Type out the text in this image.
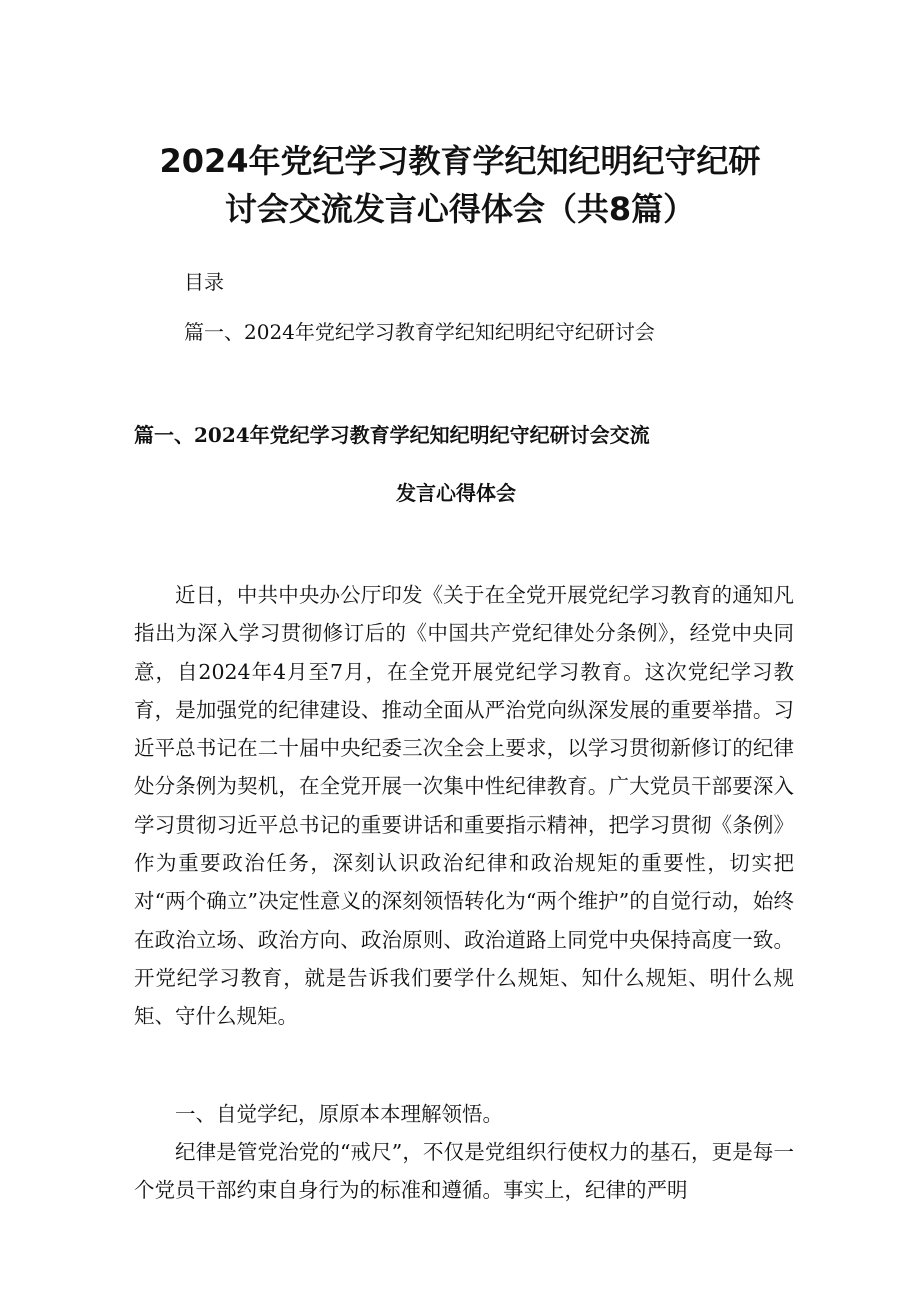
2024年党纪学习教育学纪知纪明纪守纪研
讨会交流发言心得体会（共8篇）
目录
篇一、2024年党纪学习教育学纪知纪明纪守纪研讨会
篇一、2024年党纪学习教育学纪知纪明纪守纪研讨会交流
发言心得体会
近日，中共中央办公厅印发《关于在全党开展党纪学习教育的通知凡指出为深入学习贯彻修订后的《中国共产党纪律处分条例》，经党中央同意，自2024年4月至7月，在全党开展党纪学习教育。这次党纪学习教育，是加强党的纪律建设、推动全面从严治党向纵深发展的重要举措。习近平总书记在二十届中央纪委三次全会上要求，以学习贯彻新修订的纪律处分条例为契机，在全党开展一次集中性纪律教育。广大党员干部要深入学习贯彻习近平总书记的重要讲话和重要指示精神，把学习贯彻《条例》作为重要政治任务，深刻认识政治纪律和政治规矩的重要性，切实把对“两个确立”决定性意义的深刻领悟转化为“两个维护”的自觉行动，始终在政治立场、政治方向、政治原则、政治道路上同党中央保持高度一致。开党纪学习教育，就是告诉我们要学什么规矩、知什么规矩、明什么规矩、守什么规矩。
一、自觉学纪，原原本本理解领悟。
纪律是管党治党的“戒尺”，不仅是党组织行使权力的基石，更是每一个党员干部约束自身行为的标准和遵循。事实上，纪律的严明
